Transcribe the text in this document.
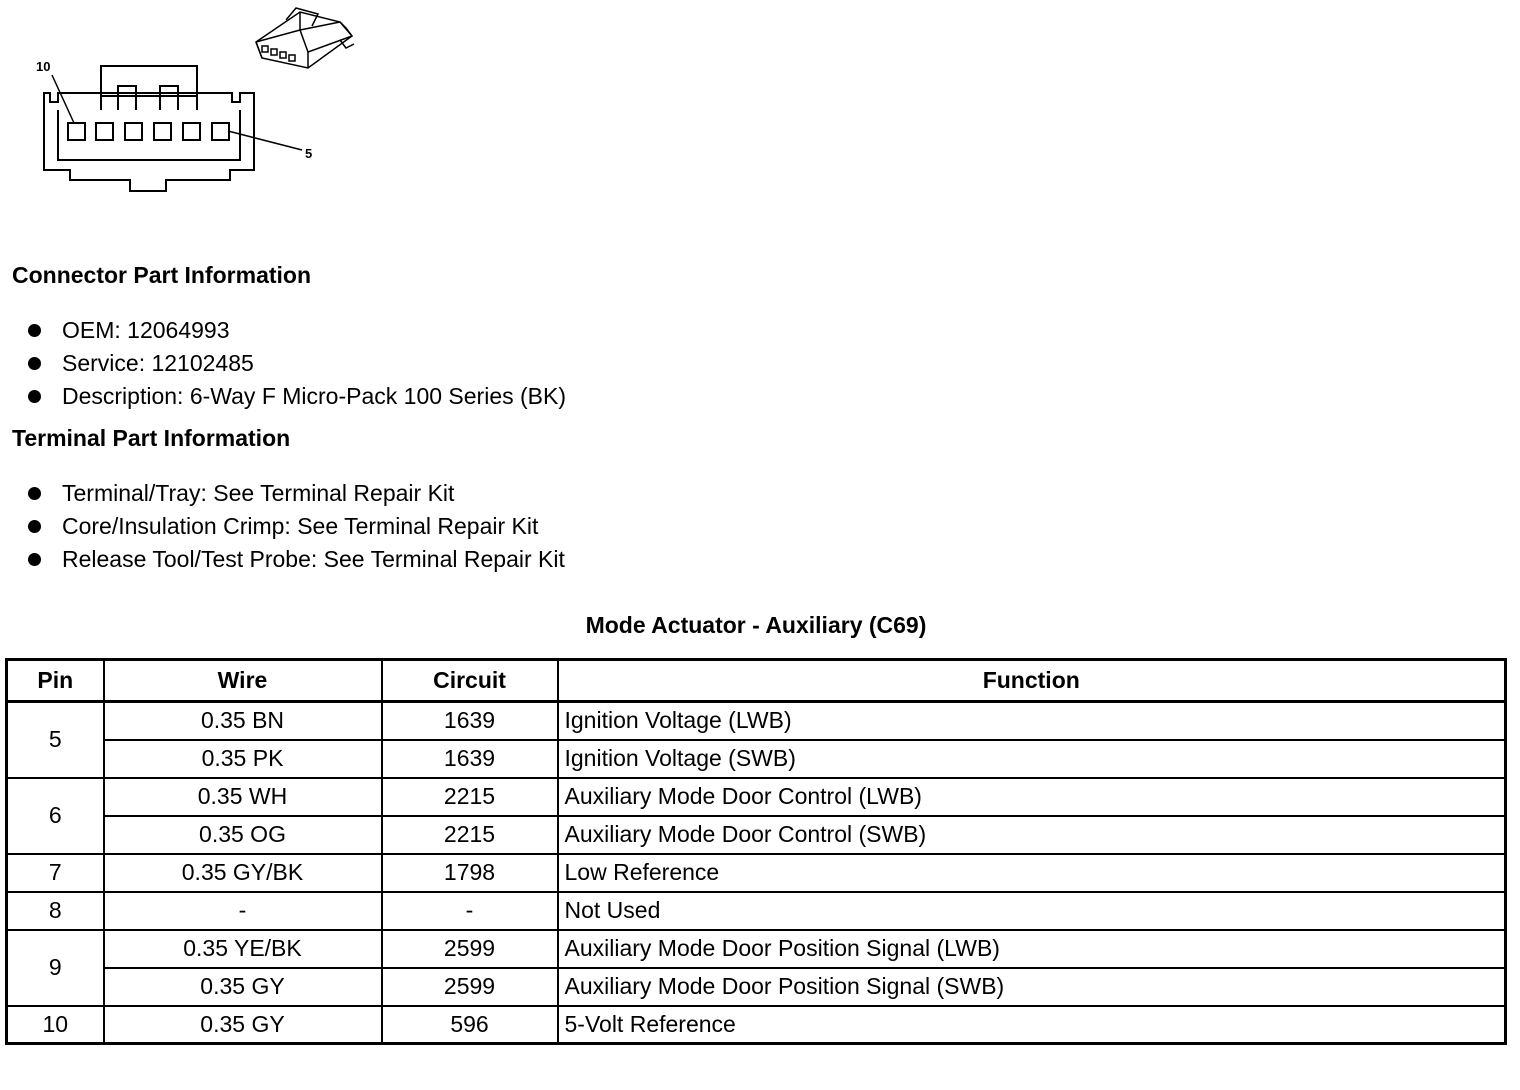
10
5
Connector Part Information
OEM: 12064993
Service: 12102485
Description: 6-Way F Micro-Pack 100 Series (BK)
Terminal Part Information
Terminal/Tray: See Terminal Repair Kit
Core/Insulation Crimp: See Terminal Repair Kit
Release Tool/Test Probe: See Terminal Repair Kit
Mode Actuator - Auxiliary (C69)
Pin	Wire	Circuit	Function
5	0.35 BN	1639	Ignition Voltage (LWB)
	0.35 PK	1639	Ignition Voltage (SWB)
6	0.35 WH	2215	Auxiliary Mode Door Control (LWB)
	0.35 OG	2215	Auxiliary Mode Door Control (SWB)
7	0.35 GY/BK	1798	Low Reference
8	-	-	Not Used
9	0.35 YE/BK	2599	Auxiliary Mode Door Position Signal (LWB)
	0.35 GY	2599	Auxiliary Mode Door Position Signal (SWB)
10	0.35 GY	596	5-Volt Reference
